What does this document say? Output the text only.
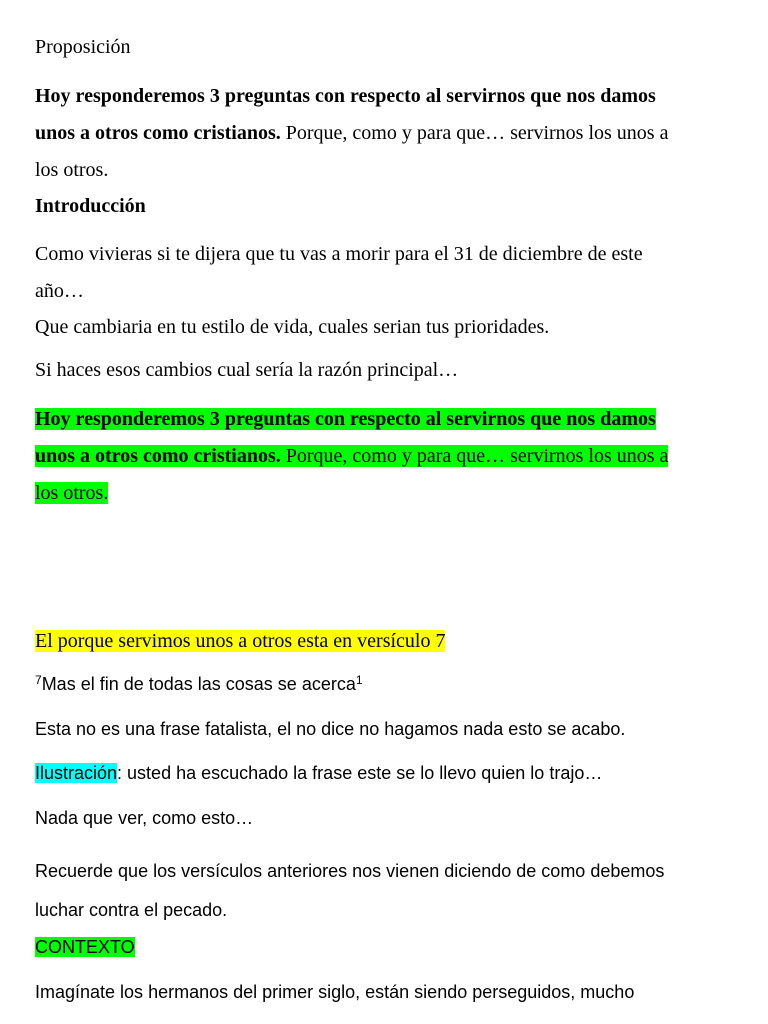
Proposición

Hoy responderemos 3 preguntas con respecto al servirnos que nos damos
unos a otros como cristianos. Porque, como y para que… servirnos los unos a
los otros.

Introducción

Como vivieras si te dijera que tu vas a morir para el 31 de diciembre de este
año…

Que cambiaria en tu estilo de vida, cuales serian tus prioridades.

Si haces esos cambios cual sería la razón principal…

Hoy responderemos 3 preguntas con respecto al servirnos que nos damos
unos a otros como cristianos. Porque, como y para que… servirnos los unos a
los otros.

El porque servimos unos a otros esta en versículo 7

$^7$Mas el fin de todas las cosas se acerca$^1$

Esta no es una frase fatalista, el no dice no hagamos nada esto se acabo.

Ilustración: usted ha escuchado la frase este se lo llevo quien lo trajo…

Nada que ver, como esto…

Recuerde que los versículos anteriores nos vienen diciendo de como debemos
luchar contra el pecado.

CONTEXTO

Imagínate los hermanos del primer siglo, están siendo perseguidos, mucho
